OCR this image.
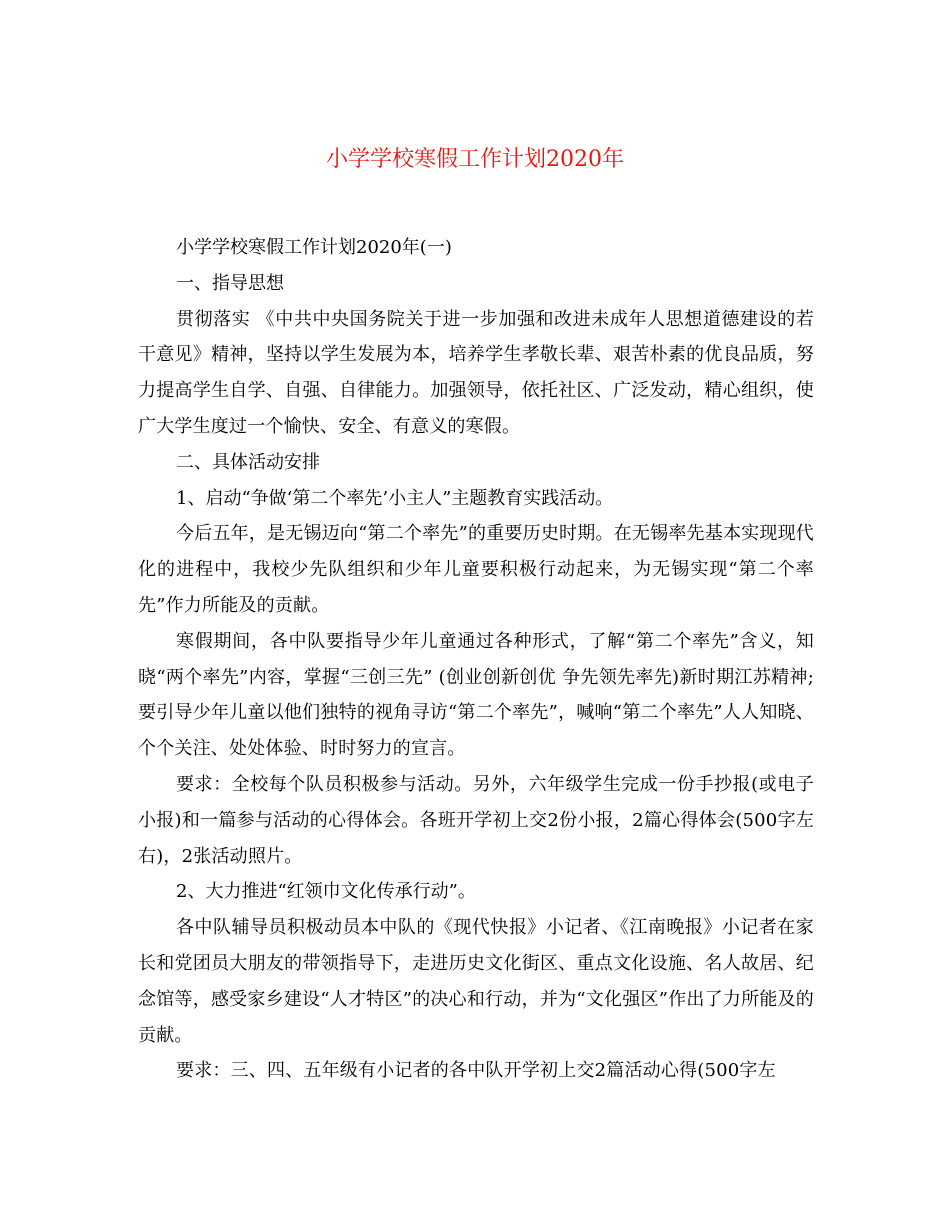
小学学校寒假工作计划2020年

小学学校寒假工作计划2020年(一)

一、指导思想

贯彻落实 《中共中央国务院关于进一步加强和改进未成年人思想道德建设的若干意见》精神，坚持以学生发展为本，培养学生孝敬长辈、艰苦朴素的优良品质，努力提高学生自学、自强、自律能力。加强领导，依托社区、广泛发动，精心组织，使广大学生度过一个愉快、安全、有意义的寒假。

二、具体活动安排

1、启动“争做‘第二个率先’小主人”主题教育实践活动。

今后五年，是无锡迈向“第二个率先”的重要历史时期。在无锡率先基本实现现代化的进程中，我校少先队组织和少年儿童要积极行动起来，为无锡实现“第二个率先”作力所能及的贡献。

寒假期间，各中队要指导少年儿童通过各种形式，了解“第二个率先”含义，知晓“两个率先”内容，掌握“三创三先” (创业创新创优 争先领先率先)新时期江苏精神;要引导少年儿童以他们独特的视角寻访“第二个率先”，喊响“第二个率先”人人知晓、个个关注、处处体验、时时努力的宣言。

要求：全校每个队员积极参与活动。另外，六年级学生完成一份手抄报(或电子小报)和一篇参与活动的心得体会。各班开学初上交2份小报，2篇心得体会(500字左右)，2张活动照片。

2、大力推进“红领巾文化传承行动”。

各中队辅导员积极动员本中队的《现代快报》小记者、《江南晚报》小记者在家长和党团员大朋友的带领指导下，走进历史文化街区、重点文化设施、名人故居、纪念馆等，感受家乡建设“人才特区”的决心和行动，并为“文化强区”作出了力所能及的贡献。

要求：三、四、五年级有小记者的各中队开学初上交2篇活动心得(500字左
